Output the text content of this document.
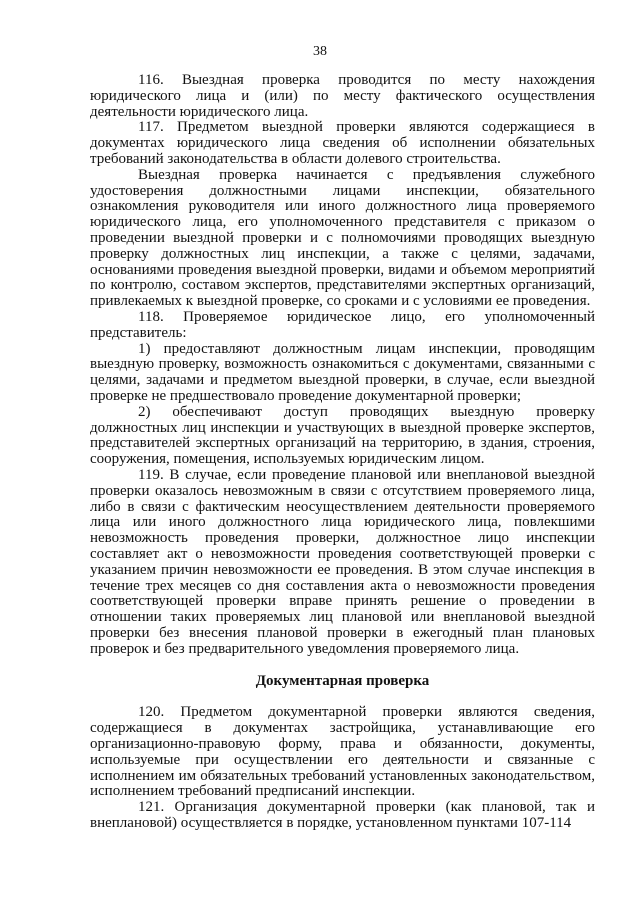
38

116. Выездная проверка проводится по месту нахождения юридического лица и (или) по месту фактического осуществления деятельности юридического лица.

117. Предметом выездной проверки являются содержащиеся в документах юридического лица сведения об исполнении обязательных требований законодательства в области долевого строительства.

Выездная проверка начинается с предъявления служебного удостоверения должностными лицами инспекции, обязательного ознакомления руководителя или иного должностного лица проверяемого юридического лица, его уполномоченного представителя с приказом о проведении выездной проверки и с полномочиями проводящих выездную проверку должностных лиц инспекции, а также с целями, задачами, основаниями проведения выездной проверки, видами и объемом мероприятий по контролю, составом экспертов, представителями экспертных организаций, привлекаемых к выездной проверке, со сроками и с условиями ее проведения.

118. Проверяемое юридическое лицо, его уполномоченный представитель:

1) предоставляют должностным лицам инспекции, проводящим выездную проверку, возможность ознакомиться с документами, связанными с целями, задачами и предметом выездной проверки, в случае, если выездной проверке не предшествовало проведение документарной проверки;

2) обеспечивают доступ проводящих выездную проверку должностных лиц инспекции и участвующих в выездной проверке экспертов, представителей экспертных организаций на территорию, в здания, строения, сооружения, помещения, используемых юридическим лицом.

119. В случае, если проведение плановой или внеплановой выездной проверки оказалось невозможным в связи с отсутствием проверяемого лица, либо в связи с фактическим неосуществлением деятельности проверяемого лица или иного должностного лица юридического лица, повлекшими невозможность проведения проверки, должностное лицо инспекции составляет акт о невозможности проведения соответствующей проверки с указанием причин невозможности ее проведения. В этом случае инспекция в течение трех месяцев со дня составления акта о невозможности проведения соответствующей проверки вправе принять решение о проведении в отношении таких проверяемых лиц плановой или внеплановой выездной проверки без внесения плановой проверки в ежегодный план плановых проверок и без предварительного уведомления проверяемого лица.

Документарная проверка

120. Предметом документарной проверки являются сведения, содержащиеся в документах застройщика, устанавливающие его организационно-правовую форму, права и обязанности, документы, используемые при осуществлении его деятельности и связанные с исполнением им обязательных требований установленных законодательством, исполнением требований предписаний инспекции.

121. Организация документарной проверки (как плановой, так и внеплановой) осуществляется в порядке, установленном пунктами 107-114
